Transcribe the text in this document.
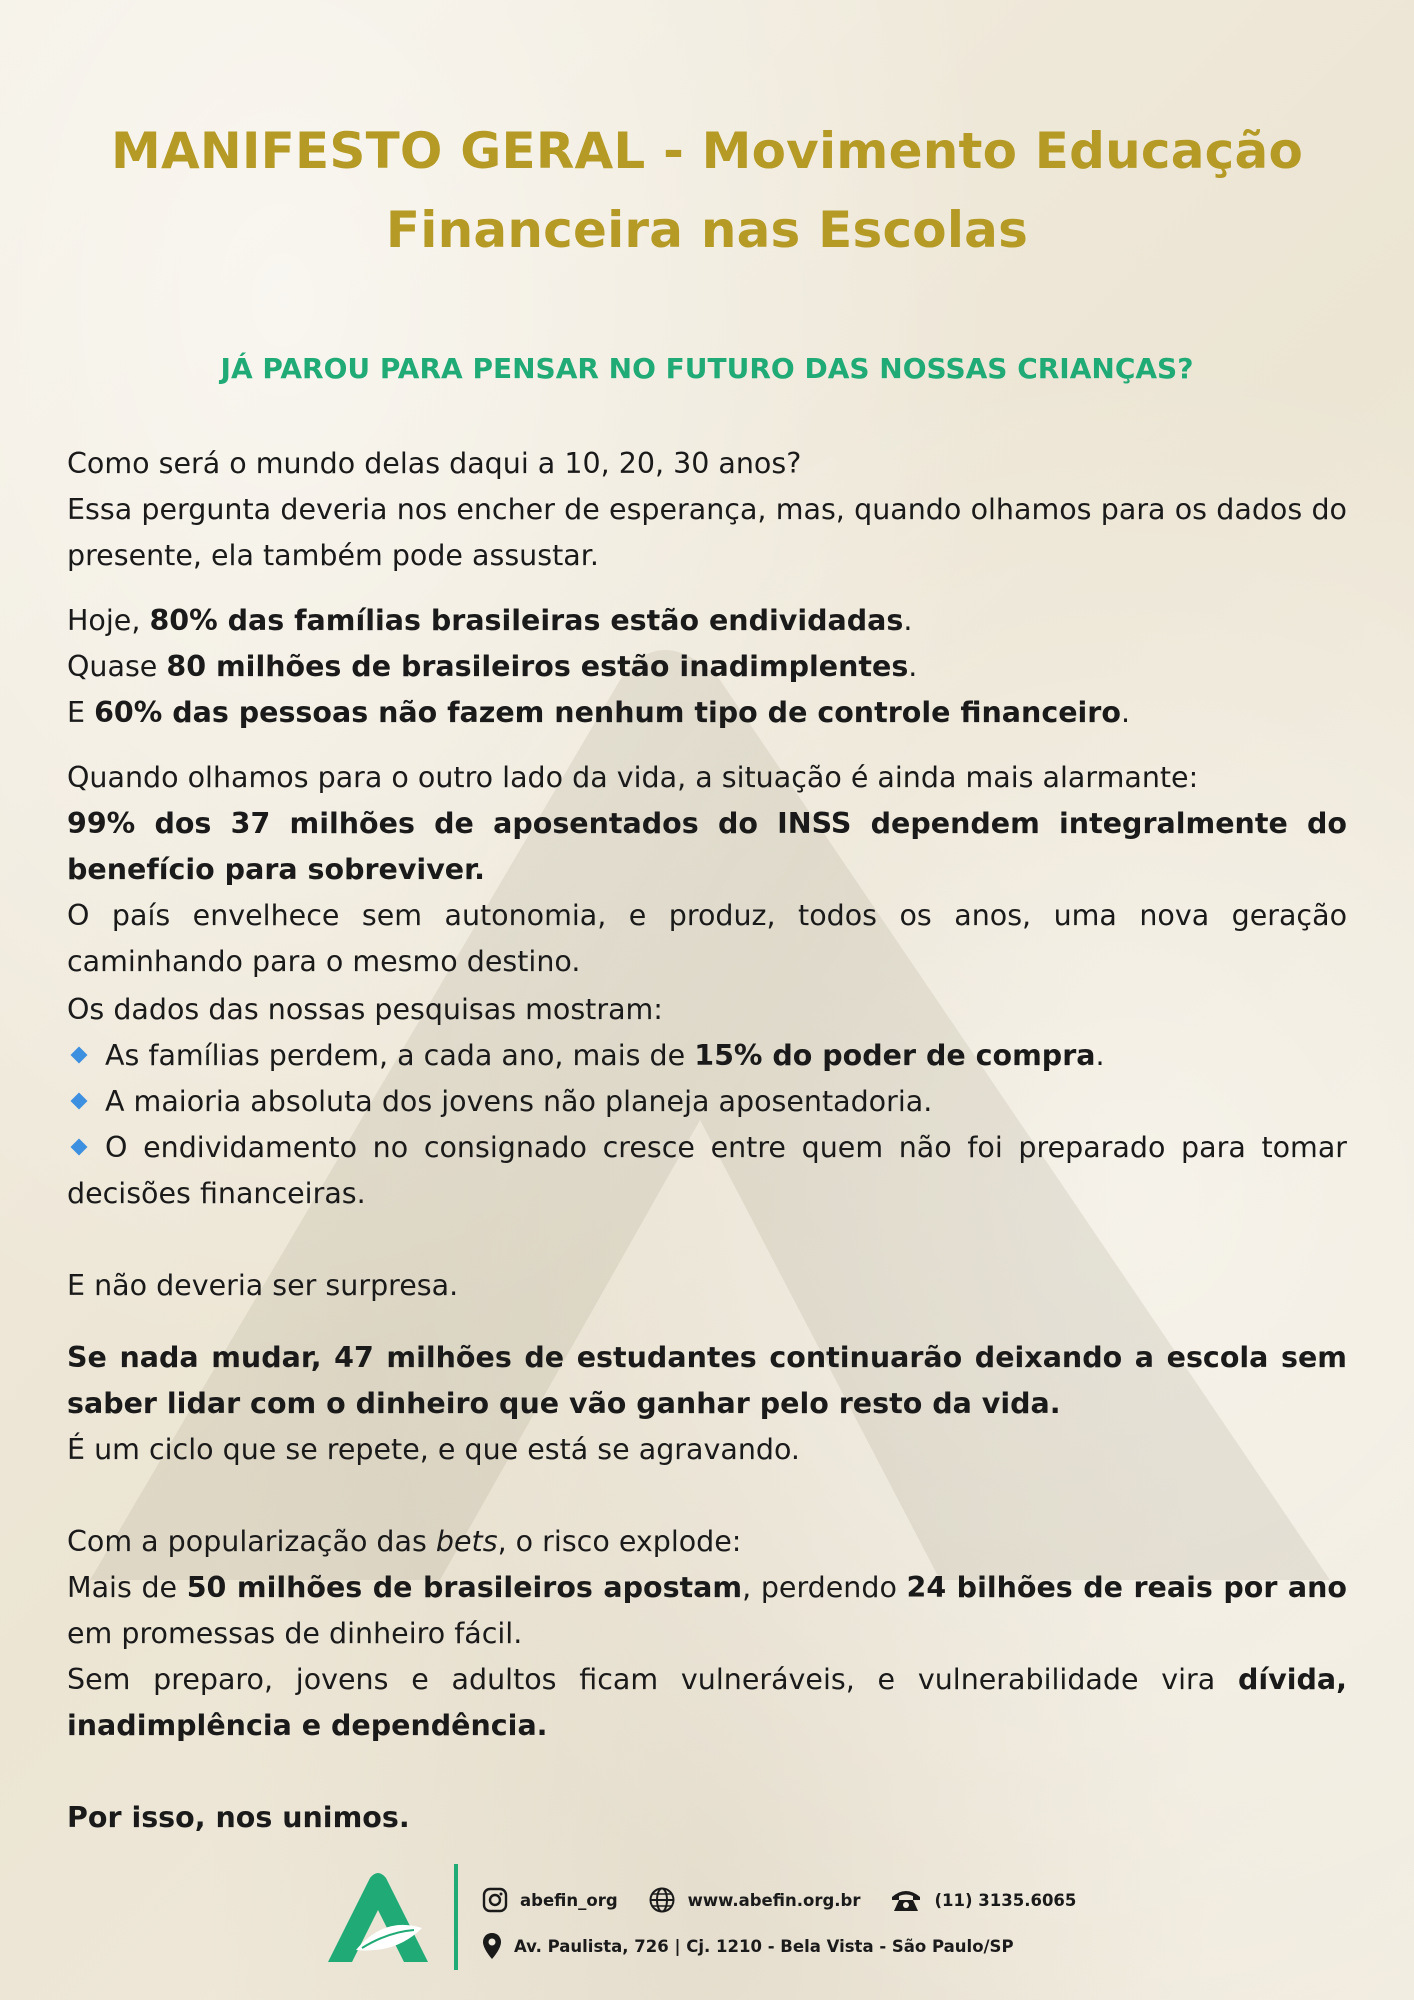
MANIFESTO GERAL - Movimento Educação
Financeira nas Escolas
JÁ PAROU PARA PENSAR NO FUTURO DAS NOSSAS CRIANÇAS?

Como será o mundo delas daqui a 10, 20, 30 anos?

Essa pergunta deveria nos encher de esperança, mas, quando olhamos para os dados do presente, ela também pode assustar.

Hoje, 80% das famílias brasileiras estão endividadas.

Quase 80 milhões de brasileiros estão inadimplentes.

E 60% das pessoas não fazem nenhum tipo de controle financeiro.

Quando olhamos para o outro lado da vida, a situação é ainda mais alarmante:

99% dos 37 milhões de aposentados do INSS dependem integralmente do benefício para sobreviver.

O país envelhece sem autonomia, e produz, todos os anos, uma nova geração caminhando para o mesmo destino.

Os dados das nossas pesquisas mostram:

As famílias perdem, a cada ano, mais de 15% do poder de compra.

A maioria absoluta dos jovens não planeja aposentadoria.

O endividamento no consignado cresce entre quem não foi preparado para tomar decisões financeiras.

E não deveria ser surpresa.

Se nada mudar, 47 milhões de estudantes continuarão deixando a escola sem saber lidar com o dinheiro que vão ganhar pelo resto da vida.

É um ciclo que se repete, e que está se agravando.

Com a popularização das bets, o risco explode:

Mais de 50 milhões de brasileiros apostam, perdendo 24 bilhões de reais por ano em promessas de dinheiro fácil.

Sem preparo, jovens e adultos ficam vulneráveis, e vulnerabilidade vira dívida, inadimplência e dependência.

Por isso, nos unimos.

abefin_org	www.abefin.org.br	(11) 3135.6065
Av. Paulista, 726 | Cj. 1210 - Bela Vista - São Paulo/SP
